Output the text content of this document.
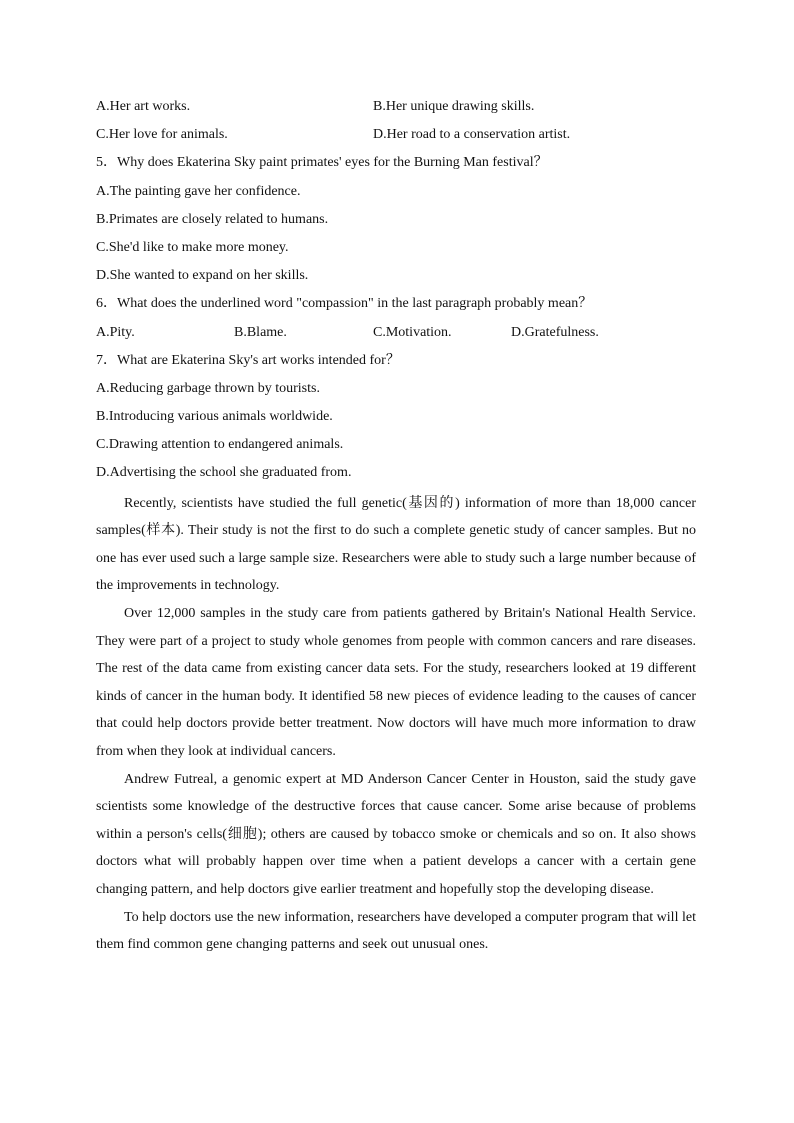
A.Her art works.	B.Her unique drawing skills.
C.Her love for animals.	D.Her road to a conservation artist.
5．Why does Ekaterina Sky paint primates' eyes for the Burning Man festival？
A.The painting gave her confidence.
B.Primates are closely related to humans.
C.She'd like to make more money.
D.She wanted to expand on her skills.
6．What does the underlined word "compassion" in the last paragraph probably mean？
A.Pity.	B.Blame.	C.Motivation.	D.Gratefulness.
7．What are Ekaterina Sky's art works intended for？
A.Reducing garbage thrown by tourists.
B.Introducing various animals worldwide.
C.Drawing attention to endangered animals.
D.Advertising the school she graduated from.

Recently, scientists have studied the full genetic(基因的) information of more than 18,000 cancer samples(样本). Their study is not the first to do such a complete genetic study of cancer samples. But no one has ever used such a large sample size. Researchers were able to study such a large number because of the improvements in technology.

Over 12,000 samples in the study care from patients gathered by Britain's National Health Service. They were part of a project to study whole genomes from people with common cancers and rare diseases. The rest of the data came from existing cancer data sets. For the study, researchers looked at 19 different kinds of cancer in the human body. It identified 58 new pieces of evidence leading to the causes of cancer that could help doctors provide better treatment. Now doctors will have much more information to draw from when they look at individual cancers.

Andrew Futreal, a genomic expert at MD Anderson Cancer Center in Houston, said the study gave scientists some knowledge of the destructive forces that cause cancer. Some arise because of problems within a person's cells(细胞); others are caused by tobacco smoke or chemicals and so on. It also shows doctors what will probably happen over time when a patient develops a cancer with a certain gene changing pattern, and help doctors give earlier treatment and hopefully stop the developing disease.

To help doctors use the new information, researchers have developed a computer program that will let them find common gene changing patterns and seek out unusual ones.
